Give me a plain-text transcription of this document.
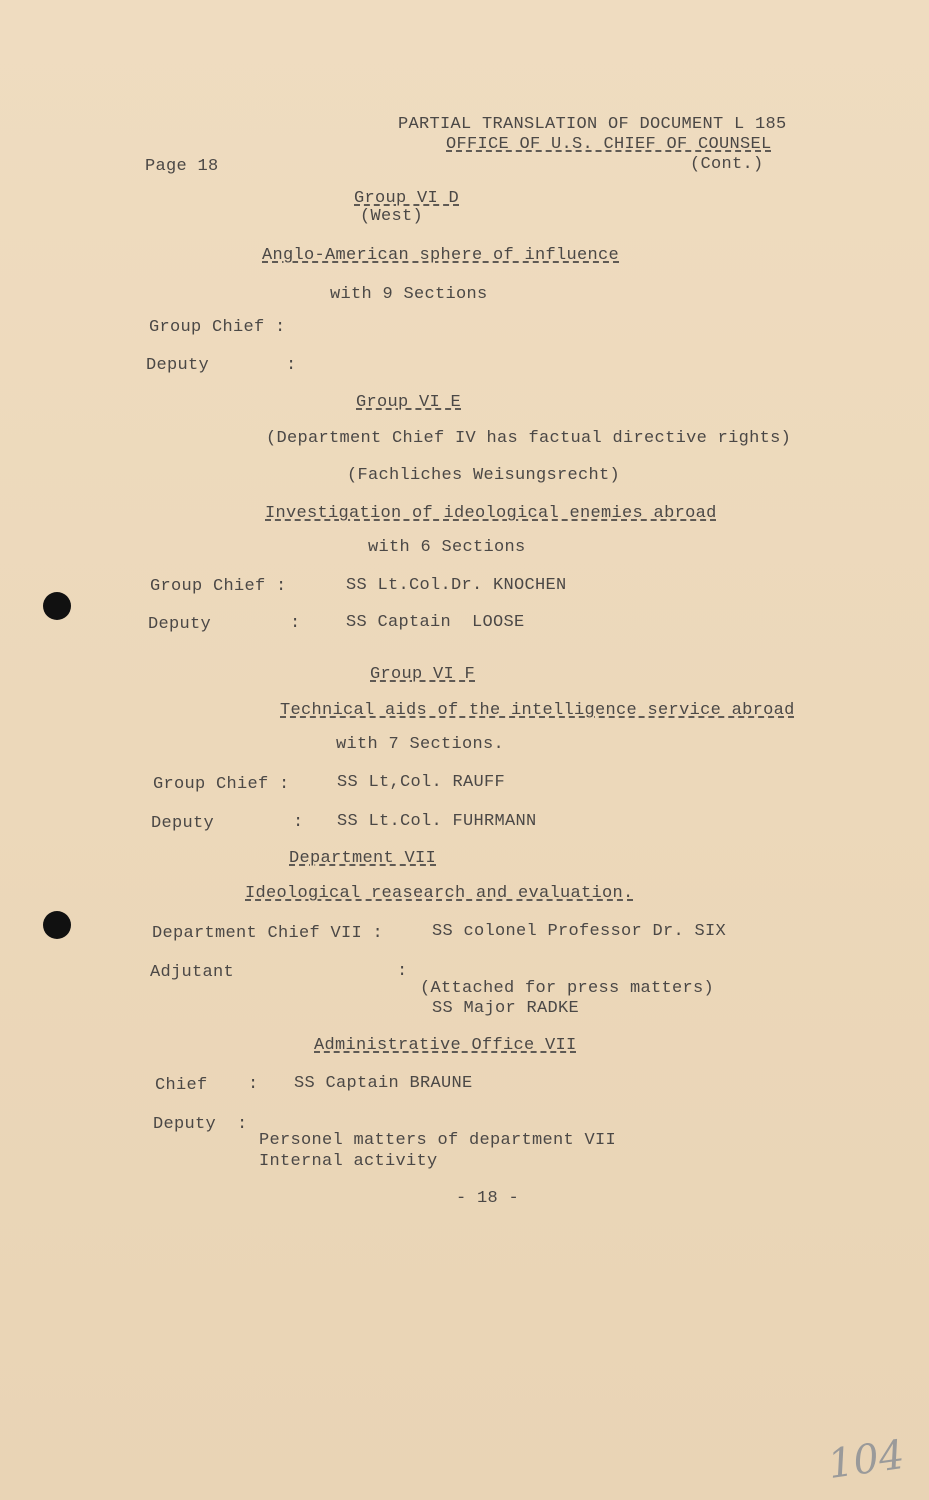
PARTIAL TRANSLATION OF DOCUMENT L 185
OFFICE OF U.S. CHIEF OF COUNSEL
Page 18	(Cont.)
Group VI D
(West)
Anglo-American sphere of influence
with 9 Sections
Group Chief :
Deputy	:
Group VI E
(Department Chief IV has factual directive rights)
(Fachliches Weisungsrecht)
Investigation of ideological enemies abroad
with 6 Sections
Group Chief :	SS Lt.Col.Dr. KNOCHEN
Deputy	:	SS Captain  LOOSE
Group VI F
Technical aids of the intelligence service abroad
with 7 Sections.
Group Chief :	SS Lt,Col. RAUFF
Deputy	: SS Lt.Col. FUHRMANN
Department VII
Ideological reasearch and evaluation.
Department Chief VII :	SS colonel Professor Dr. SIX
Adjutant	:
(Attached for press matters)
SS Major RADKE
Administrative Office VII
Chief : SS Captain BRAUNE
Deputy  :
Personel matters of department VII
Internal activity
- 18 -
104
